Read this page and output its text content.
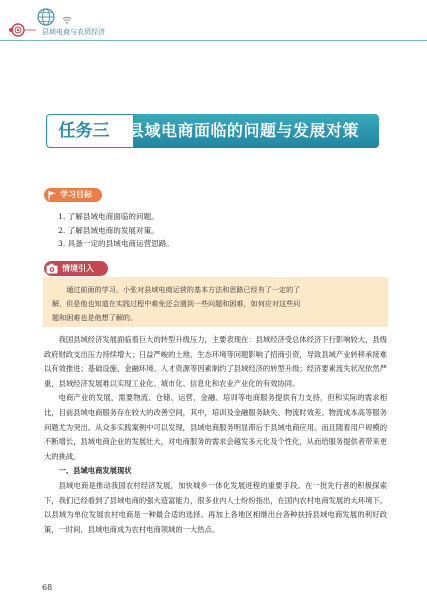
县域电商与农贸经济
任务三	县域电商面临的问题与发展对策
学习目标
1. 了解县域电商面临的问题。
2. 了解县域电商的发展对策。
3. 具备一定的县域电商运营思路。
情境引入
通过前面的学习，小张对县域电商运营的基本方法和思路已经有了一定的了
解，但是他也知道在实践过程中难免还会遇到一些问题和困难，如何应对这些问
题和困难也是他想了解的。

我国县域经济发展面临着巨大的转型升级压力，主要表现在：县域经济受总体经济下行影响较大，县级政府财政支出压力持续增大；日益严峻的土地、生态环境等问题影响了招商引资，导致县域产业转移承接难以有效推进；基础设施、金融环境、人才资源等因素制约了县域经济的转型升级；经济要素流失状况依然严重，县域经济发展难以实现工业化、城市化、信息化和农业产业化的有效协同。

电商产业的发展，需要物流、仓储、运营、金融、培训等电商服务提供有力支持，但和实际的需求相比，目前县域电商服务存在较大的改善空间，其中，培训及金融服务缺失、物流时效差、物流成本高等服务问题尤为突出。从众多实践案例中可以发现，县域电商服务明显滞后于县域电商应用。而且随着用户规模的不断增长，县域电商企业的发展壮大，对电商服务的需求会越发多元化及个性化，从而给服务提供者带来更大的挑战。

一、县域电商发展现状

县域电商是推动我国农村经济发展，加快城乡一体化发展进程的重要手段。在一批先行者的积极探索下，我们已经看到了县域电商的强大造富能力，很多业内人士纷纷指出，在国内农村电商发展的大环境下，以县域为单位发展农村电商是一种最合适的选择。再加上各地区相继出台各种扶持县域电商发展的利好政策，一时间，县域电商成为农村电商领域的一大热点。

68
